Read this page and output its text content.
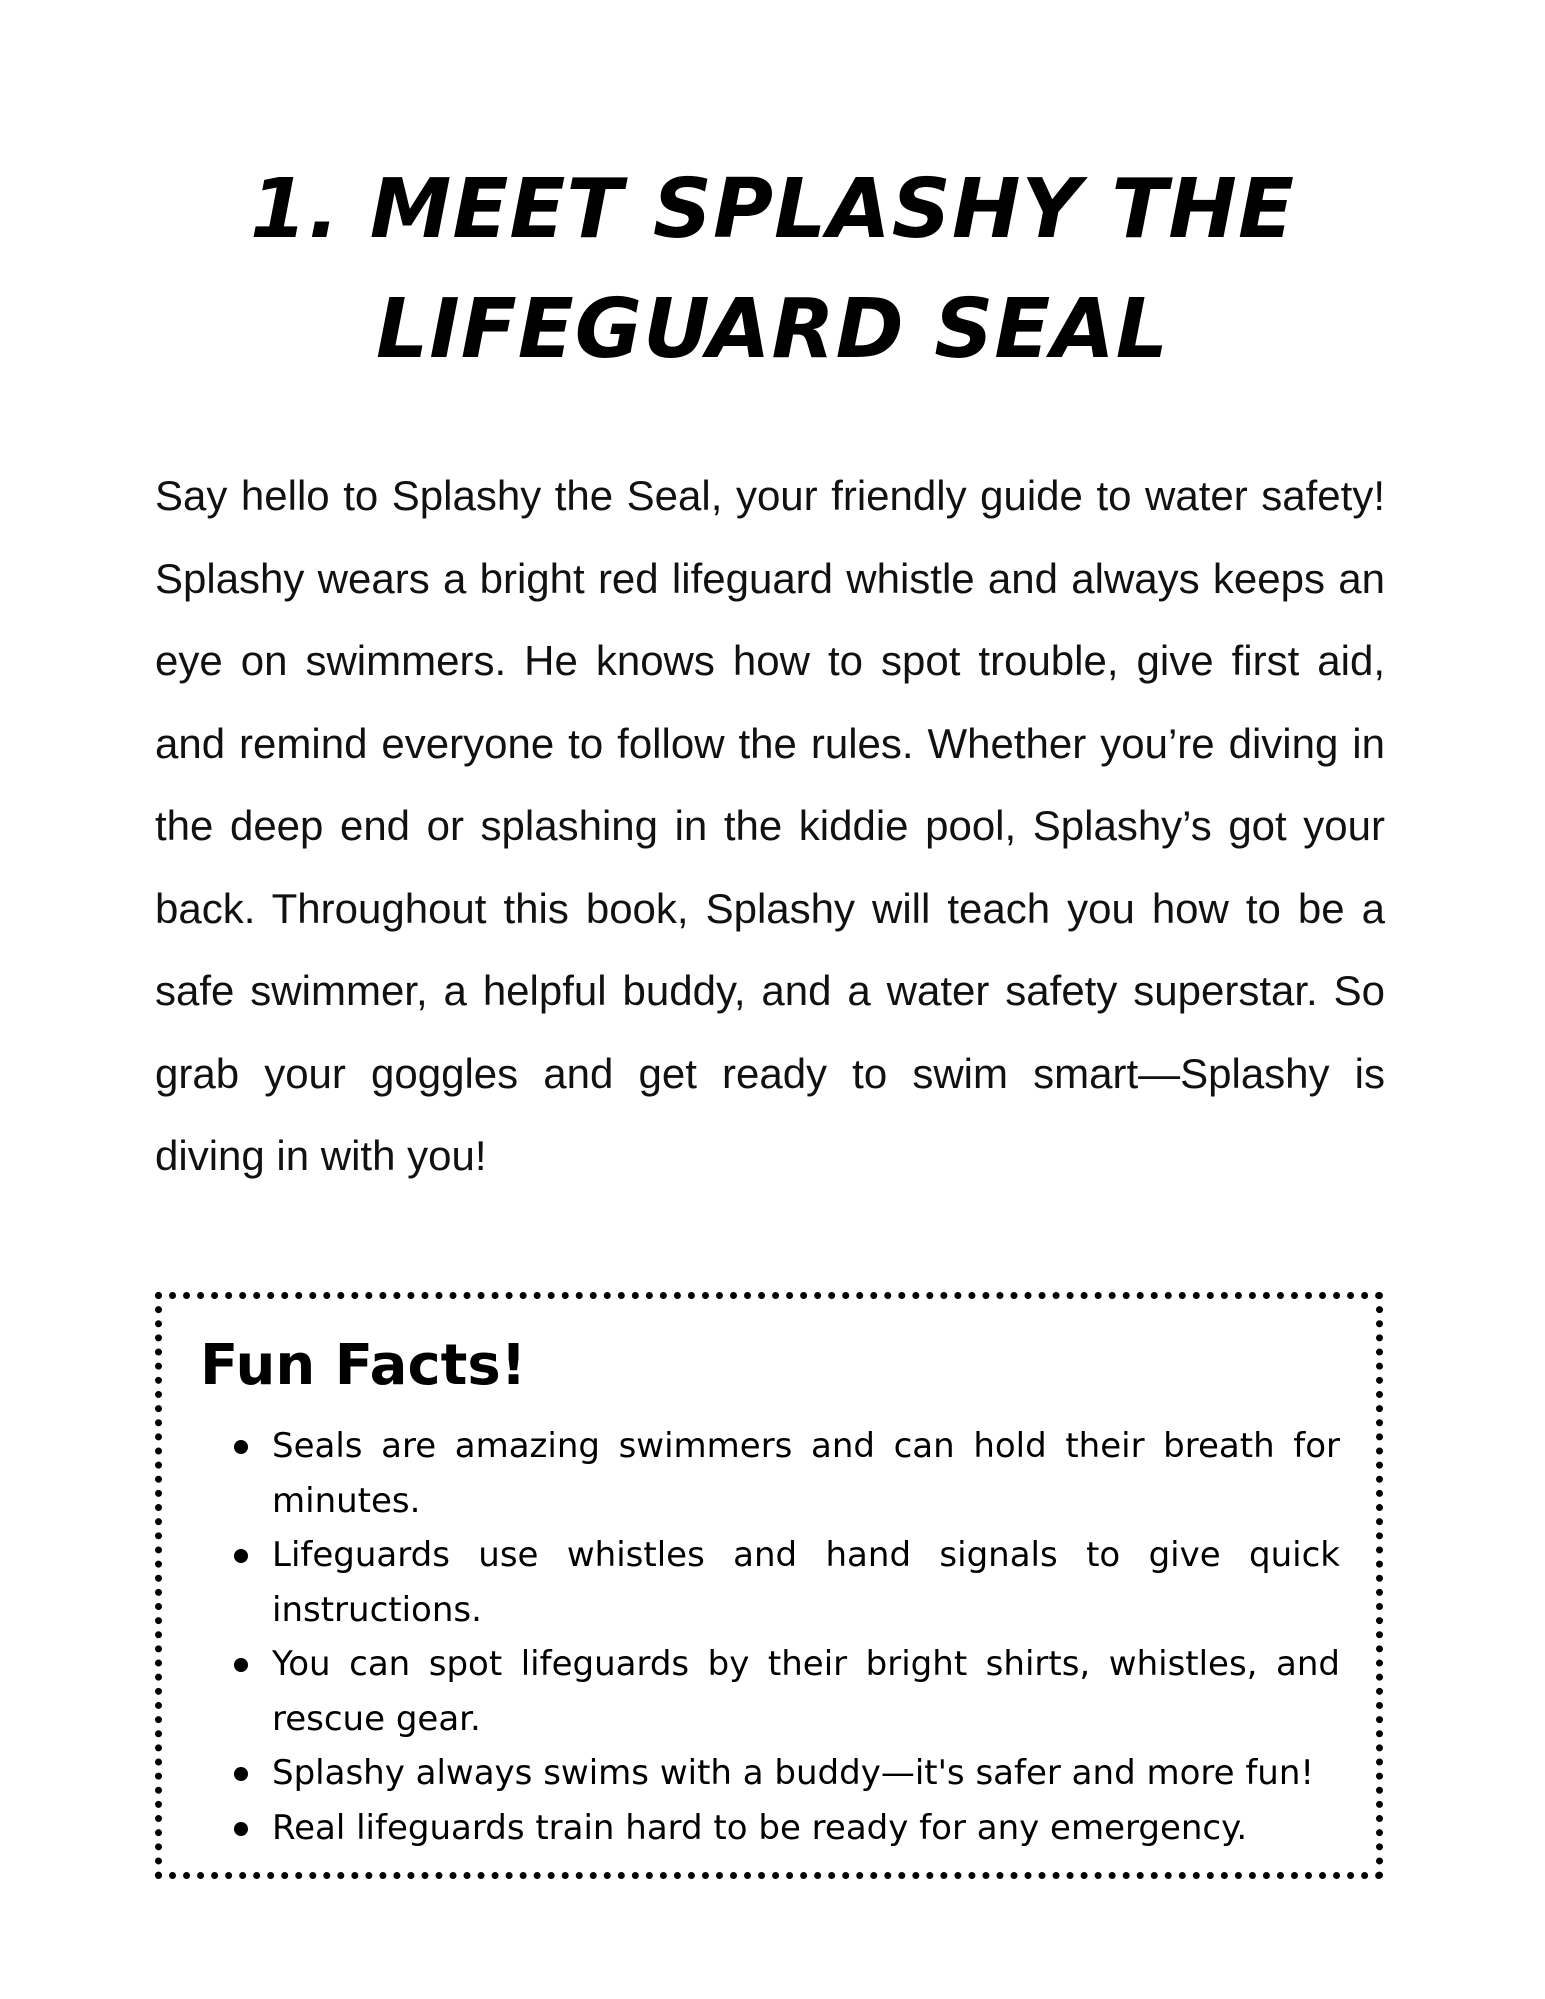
1. MEET SPLASHY THE
LIFEGUARD SEAL

Say hello to Splashy the Seal, your friendly guide to water safety! Splashy wears a bright red lifeguard whistle and always keeps an eye on swimmers. He knows how to spot trouble, give first aid, and remind everyone to follow the rules. Whether you’re diving in the deep end or splashing in the kiddie pool, Splashy’s got your back. Throughout this book, Splashy will teach you how to be a safe swimmer, a helpful buddy, and a water safety superstar. So grab your goggles and get ready to swim smart—Splashy is diving in with you!

Fun Facts!
Seals are amazing swimmers and can hold their breath for minutes.
Lifeguards use whistles and hand signals to give quick instructions.
You can spot lifeguards by their bright shirts, whistles, and rescue gear.
Splashy always swims with a buddy—it's safer and more fun!
Real lifeguards train hard to be ready for any emergency.
